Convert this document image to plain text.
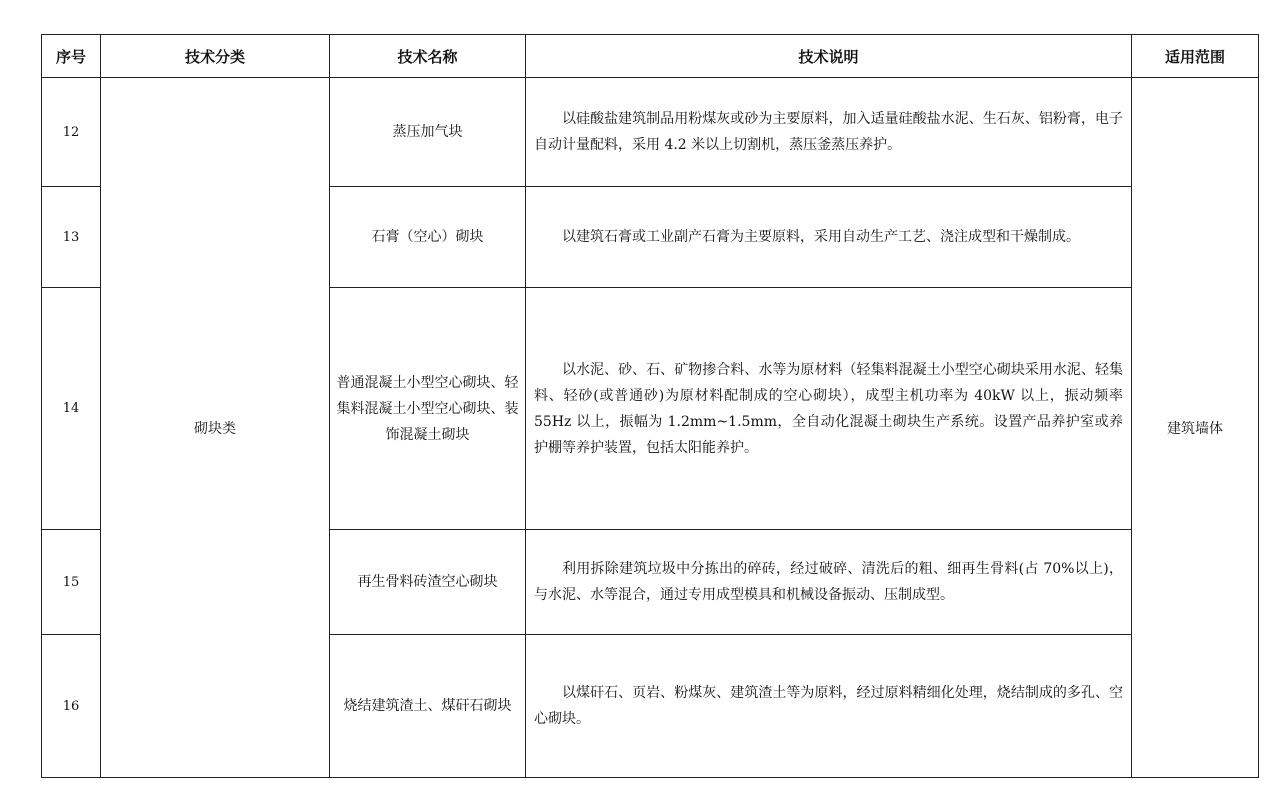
序号	技术分类	技术名称	技术说明	适用范围
12	砌块类	蒸压加气块	以硅酸盐建筑制品用粉煤灰或砂为主要原料，加入适量硅酸盐水泥、生石灰、铝粉膏，电子自动计量配料，采用 4.2 米以上切割机，蒸压釜蒸压养护。	建筑墙体
13		石膏（空心）砌块	以建筑石膏或工业副产石膏为主要原料，采用自动生产工艺、浇注成型和干燥制成。	

14		普通混凝土小型空心砌块、轻集料混凝土小型空心砌块、装饰混凝土砌块	以水泥、砂、石、矿物掺合料、水等为原材料（轻集料混凝土小型空心砌块采用水泥、轻集料、轻砂(或普通砂)为原材料配制成的空心砌块），成型主机功率为 40kW 以上，振动频率 55Hz 以上，振幅为 1.2mm~1.5mm，全自动化混凝土砌块生产系统。设置产品养护室或养护棚等养护装置，包括太阳能养护。	

15		再生骨料砖渣空心砌块	利用拆除建筑垃圾中分拣出的碎砖，经过破碎、清洗后的粗、细再生骨料(占 70%以上)，与水泥、水等混合，通过专用成型模具和机械设备振动、压制成型。	

16		烧结建筑渣土、煤矸石砌块	以煤矸石、页岩、粉煤灰、建筑渣土等为原料，经过原料精细化处理，烧结制成的多孔、空心砌块。	
